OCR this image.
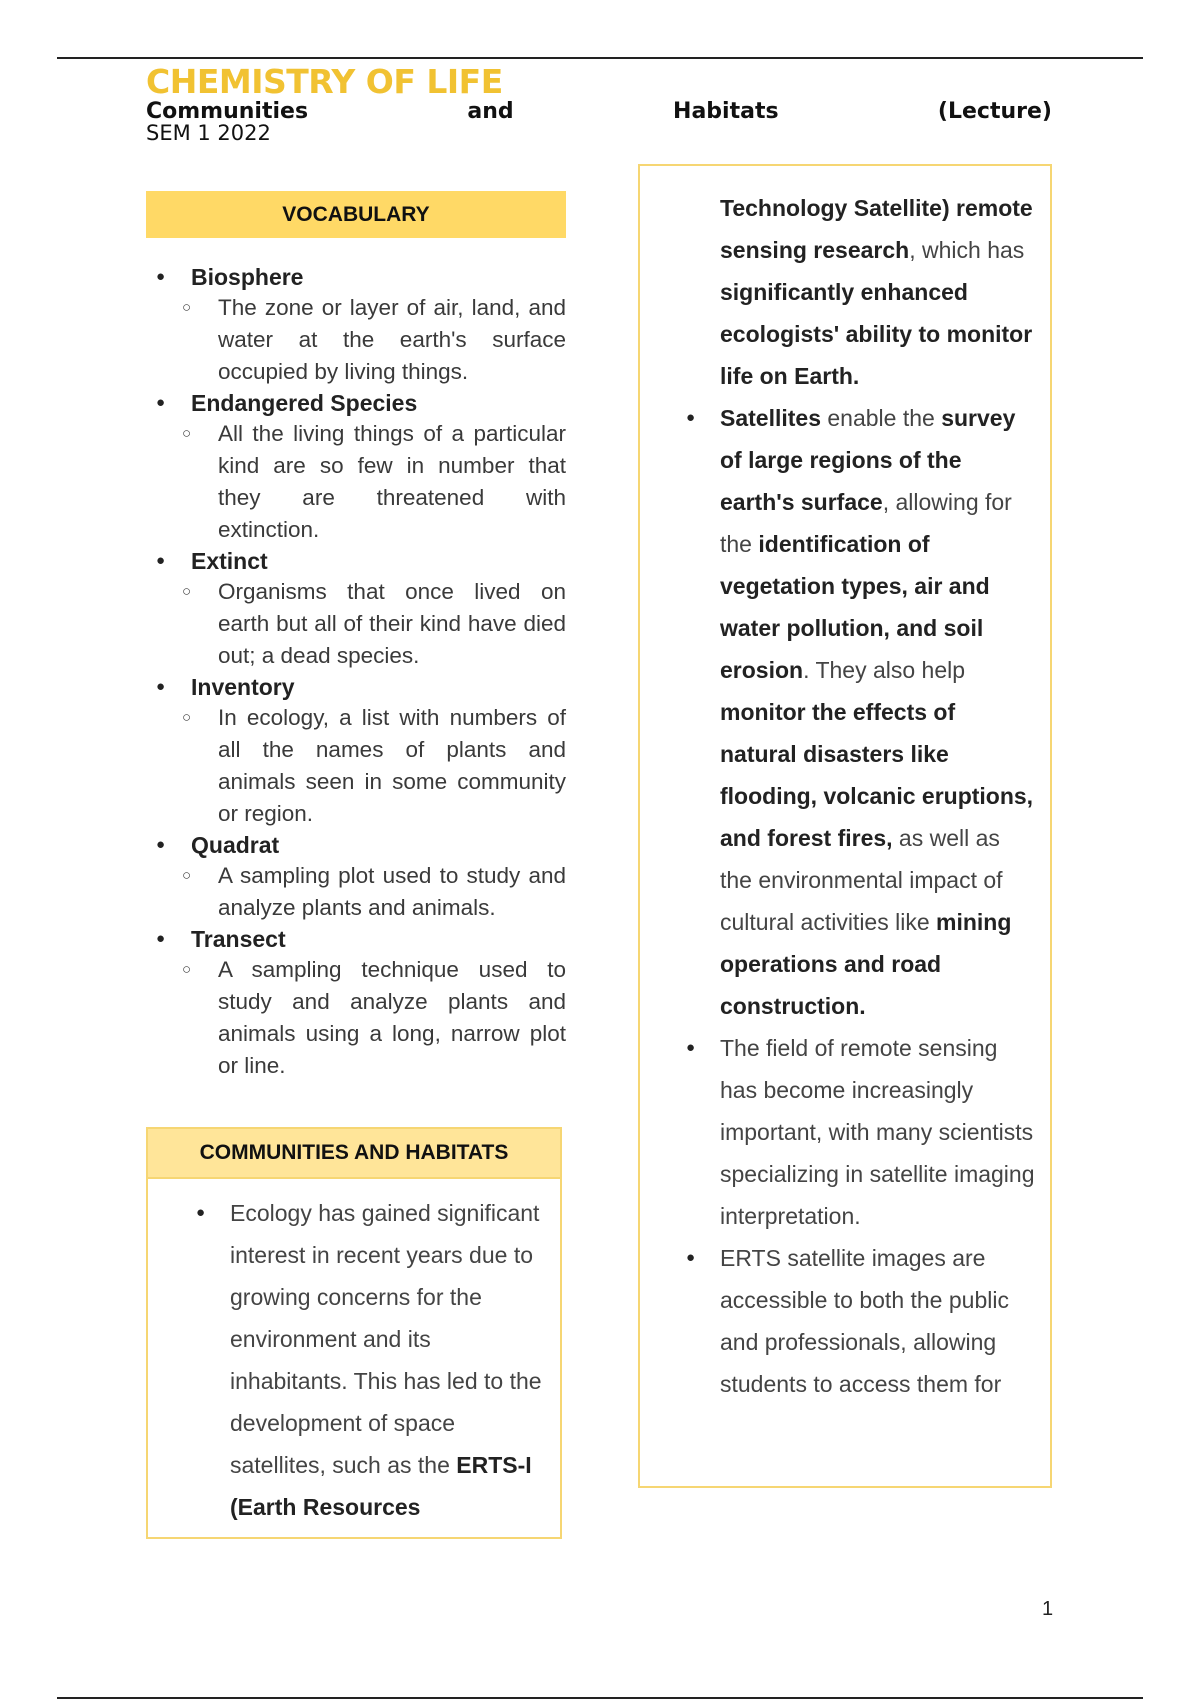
CHEMISTRY OF LIFE
Communities	and	Habitats	(Lecture)
SEM 1 2022
VOCABULARY

● Biosphere

○ The zone or layer of air, land, and water at the earth's surface occupied by living things.

● Endangered Species

○ All the living things of a particular kind are so few in number that they are threatened with extinction.

● Extinct

○ Organisms that once lived on earth but all of their kind have died out; a dead species.

● Inventory

○ In ecology, a list with numbers of all the names of plants and animals seen in some community or region.

● Quadrat

○ A sampling plot used to study and analyze plants and animals.

● Transect

○ A sampling technique used to study and analyze plants and animals using a long, narrow plot or line.

COMMUNITIES AND HABITATS
● Ecology has gained significant interest in recent years due to growing concerns for the environment and its inhabitants. This has led to the development of space satellites, such as the ERTS-I (Earth Resources
Technology Satellite) remote sensing research, which has significantly enhanced ecologists' ability to monitor life on Earth.
● Satellites enable the survey of large regions of the earth's surface, allowing for the identification of vegetation types, air and water pollution, and soil erosion. They also help monitor the effects of natural disasters like flooding, volcanic eruptions, and forest fires, as well as the environmental impact of cultural activities like mining operations and road construction.
● The field of remote sensing has become increasingly important, with many scientists specializing in satellite imaging interpretation.
● ERTS satellite images are accessible to both the public and professionals, allowing students to access them for
1
